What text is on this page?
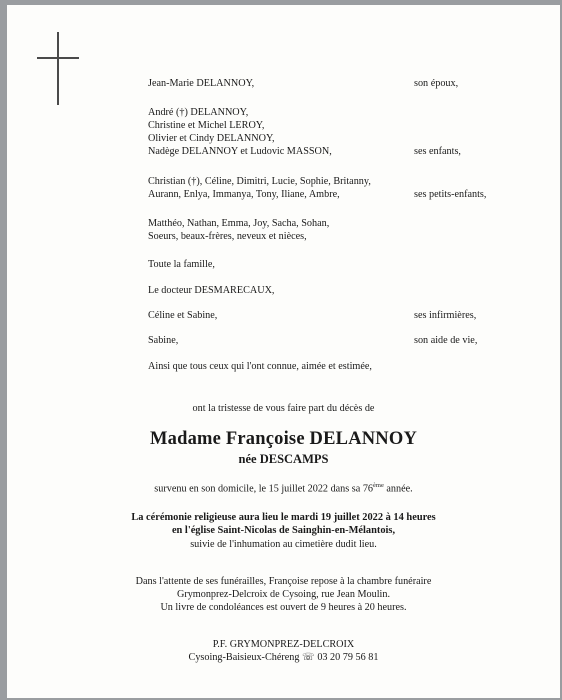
Jean-Marie DELANNOY,	son époux,
André (†) DELANNOY,
Christine et Michel LEROY,
Olivier et Cindy DELANNOY,
Nadège DELANNOY et Ludovic MASSON,	ses enfants,
Christian (†), Céline, Dimitri, Lucie, Sophie, Britanny,
Aurann, Enlya, Immanya, Tony, Iliane, Ambre,	ses petits-enfants,
Matthéo, Nathan, Emma, Joy, Sacha, Sohan,
Soeurs, beaux-frères, neveux et nièces,
Toute la famille,
Le docteur DESMARECAUX,
Céline et Sabine,	ses infirmières,
Sabine,	son aide de vie,
Ainsi que tous ceux qui l'ont connue, aimée et estimée,
ont la tristesse de vous faire part du décès de
Madame Françoise DELANNOY
née DESCAMPS
survenu en son domicile, le 15 juillet 2022 dans sa 76ème année.
La cérémonie religieuse aura lieu le mardi 19 juillet 2022 à 14 heures
en l'église Saint-Nicolas de Sainghin-en-Mélantois,
suivie de l'inhumation au cimetière dudit lieu.
Dans l'attente de ses funérailles, Françoise repose à la chambre funéraire
Grymonprez-Delcroix de Cysoing, rue Jean Moulin.
Un livre de condoléances est ouvert de 9 heures à 20 heures.
P.F. GRYMONPREZ-DELCROIX
Cysoing-Baisieux-Chéreng ☏ 03 20 79 56 81
